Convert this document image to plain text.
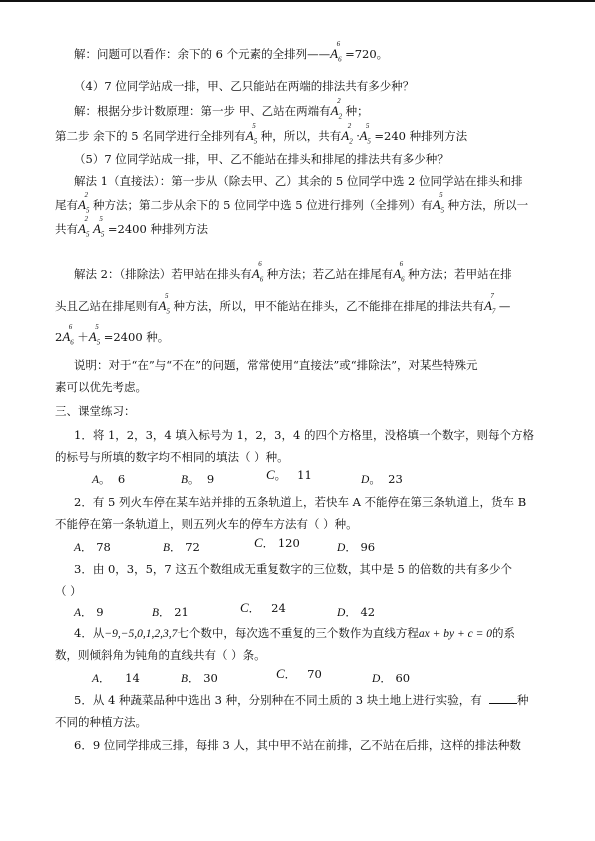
解：问题可以看作：余下的 6 个元素的全排列$——A_6^6=720$。
（4）7 位同学站成一排，甲、乙只能站在两端的排法共有多少种？
解：根据分步计数原理：第一步 甲、乙站在两端有$A_2^2$种；
第二步 余下的 5 名同学进行全排列有$A_5^5$种，所以，共有$A_2^2\cdot A_5^5=240$ 种排列方法
（5）7 位同学站成一排，甲、乙不能站在排头和排尾的排法共有多少种？
解法 1（直接法）：第一步从（除去甲、乙）其余的 5 位同学中选 2 位同学站在排头和排
尾有$A_5^2$种方法；第二步从余下的 5 位同学中选 5 位进行排列（全排列）有$A_5^5$种方法，所以一
共有$A_5^2A_5^5=2400$ 种排列方法
解法 2：（排除法）若甲站在排头有$A_6^6$种方法；若乙站在排尾有$A_6^6$种方法；若甲站在排
头且乙站在排尾则有$A_5^5$种方法，所以，甲不能站在排头，乙不能排在排尾的排法共有$A_7^7—$
$2A_6^6+A_5^5=2400$ 种。
说明：对于“在”与“不在”的问题，常常使用“直接法”或“排除法”，对某些特殊元
素可以优先考虑。
三、课堂练习：
1．将 1，2，3，4 填入标号为 1，2，3，4 的四个方格里，没格填一个数字，则每个方格
的标号与所填的数字均不相同的填法（ ）种。
A。 6	B。 9	C。 11	D。 23
2．有 5 列火车停在某车站并排的五条轨道上，若快车 A 不能停在第三条轨道上，货车 B
不能停在第一条轨道上，则五列火车的停车方法有（ ）种。
A． 78	B． 72	C． 120	D． 96
3．由 0，3，5，7 这五个数组成无重复数字的三位数，其中是 5 的倍数的共有多少个
（ ）
A． 9	B． 21	C． 24	D． 42
4．从−9,−5,0,1,2,3,7七个数中，每次选不重复的三个数作为直线方程ax + by + c = 0的系
数，则倾斜角为钝角的直线共有（ ）条。
A． 14	B． 30	C． 70	D． 60
5．从 4 种蔬菜品种中选出 3 种，分别种在不同土质的 3 块土地上进行实验，有	种
不同的种植方法。
6．9 位同学排成三排，每排 3 人，其中甲不站在前排，乙不站在后排，这样的排法种数
